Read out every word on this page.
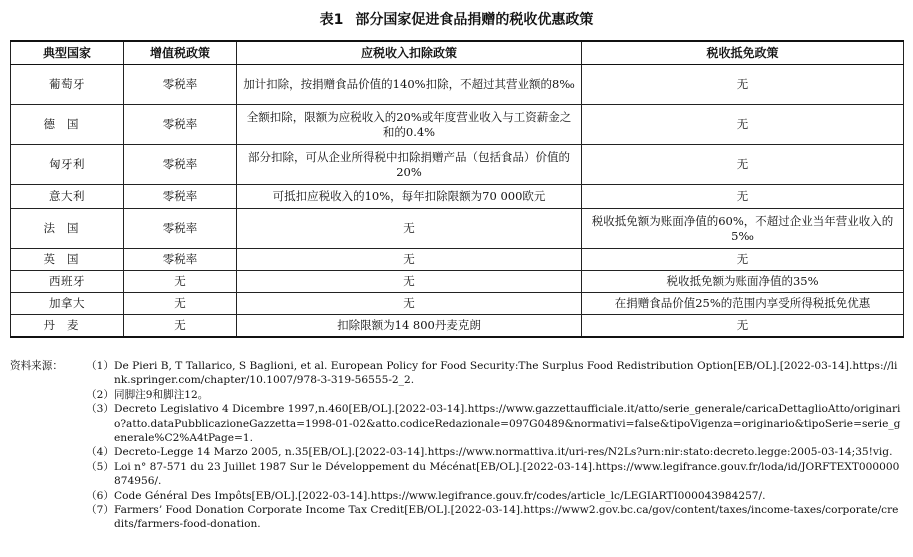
表1 部分国家促进食品捐赠的税收优惠政策
典型国家	增值税政策	应税收入扣除政策	税收抵免政策
葡萄牙	零税率	加计扣除，按捐赠食品价值的140%扣除，不超过其营业额的8‰	无
德国	零税率	全额扣除，限额为应税收入的20%或年度营业收入与工资薪金之和的0.4%	无
匈牙利	零税率	部分扣除，可从企业所得税中扣除捐赠产品（包括食品）价值的20%	无
意大利	零税率	可抵扣应税收入的10%，每年扣除限额为70 000欧元	无
法国	零税率	无	税收抵免额为账面净值的60%，不超过企业当年营业收入的5‰
英国	零税率	无	无
西班牙	无	无	税收抵免额为账面净值的35%
加拿大	无	无	在捐赠食品价值25%的范围内享受所得税抵免优惠
丹麦	无	扣除限额为14 800丹麦克朗	无
资料来源：	（1） De Pieri B, T Tallarico, S Baglioni, et al. European Policy for Food Security:The Surplus Food Redistribution Option[EB/OL].[2022-03-14].https://link.springer.com/chapter/10.1007/978-3-319-56555-2_2.
（2） 同脚注9和脚注12。
（3） Decreto Legislativo 4 Dicembre 1997,n.460[EB/OL].[2022-03-14].https://www.gazzettaufficiale.it/atto/serie_generale/caricaDettaglioAtto/originario?atto.dataPubblicazioneGazzetta=1998-01-02&atto.codiceRedazionale=097G0489&normativi=false&tipoVigenza=originario&tipoSerie=serie_generale%C2%A4tPage=1.
（4） Decreto-Legge 14 Marzo 2005, n.35[EB/OL].[2022-03-14].https://www.normattiva.it/uri-res/N2Ls?urn:nir:stato:decreto.legge:2005-03-14;35!vig.
（5） Loi n° 87-571 du 23 Juillet 1987 Sur le Développement du Mécénat[EB/OL].[2022-03-14].https://www.legifrance.gouv.fr/loda/id/JORFTEXT000000874956/.
（6） Code Général Des Impôts[EB/OL].[2022-03-14].https://www.legifrance.gouv.fr/codes/article_lc/LEGIARTI000043984257/.
（7） Farmers’ Food Donation Corporate Income Tax Credit[EB/OL].[2022-03-14].https://www2.gov.bc.ca/gov/content/taxes/income-taxes/corporate/credits/farmers-food-donation.
